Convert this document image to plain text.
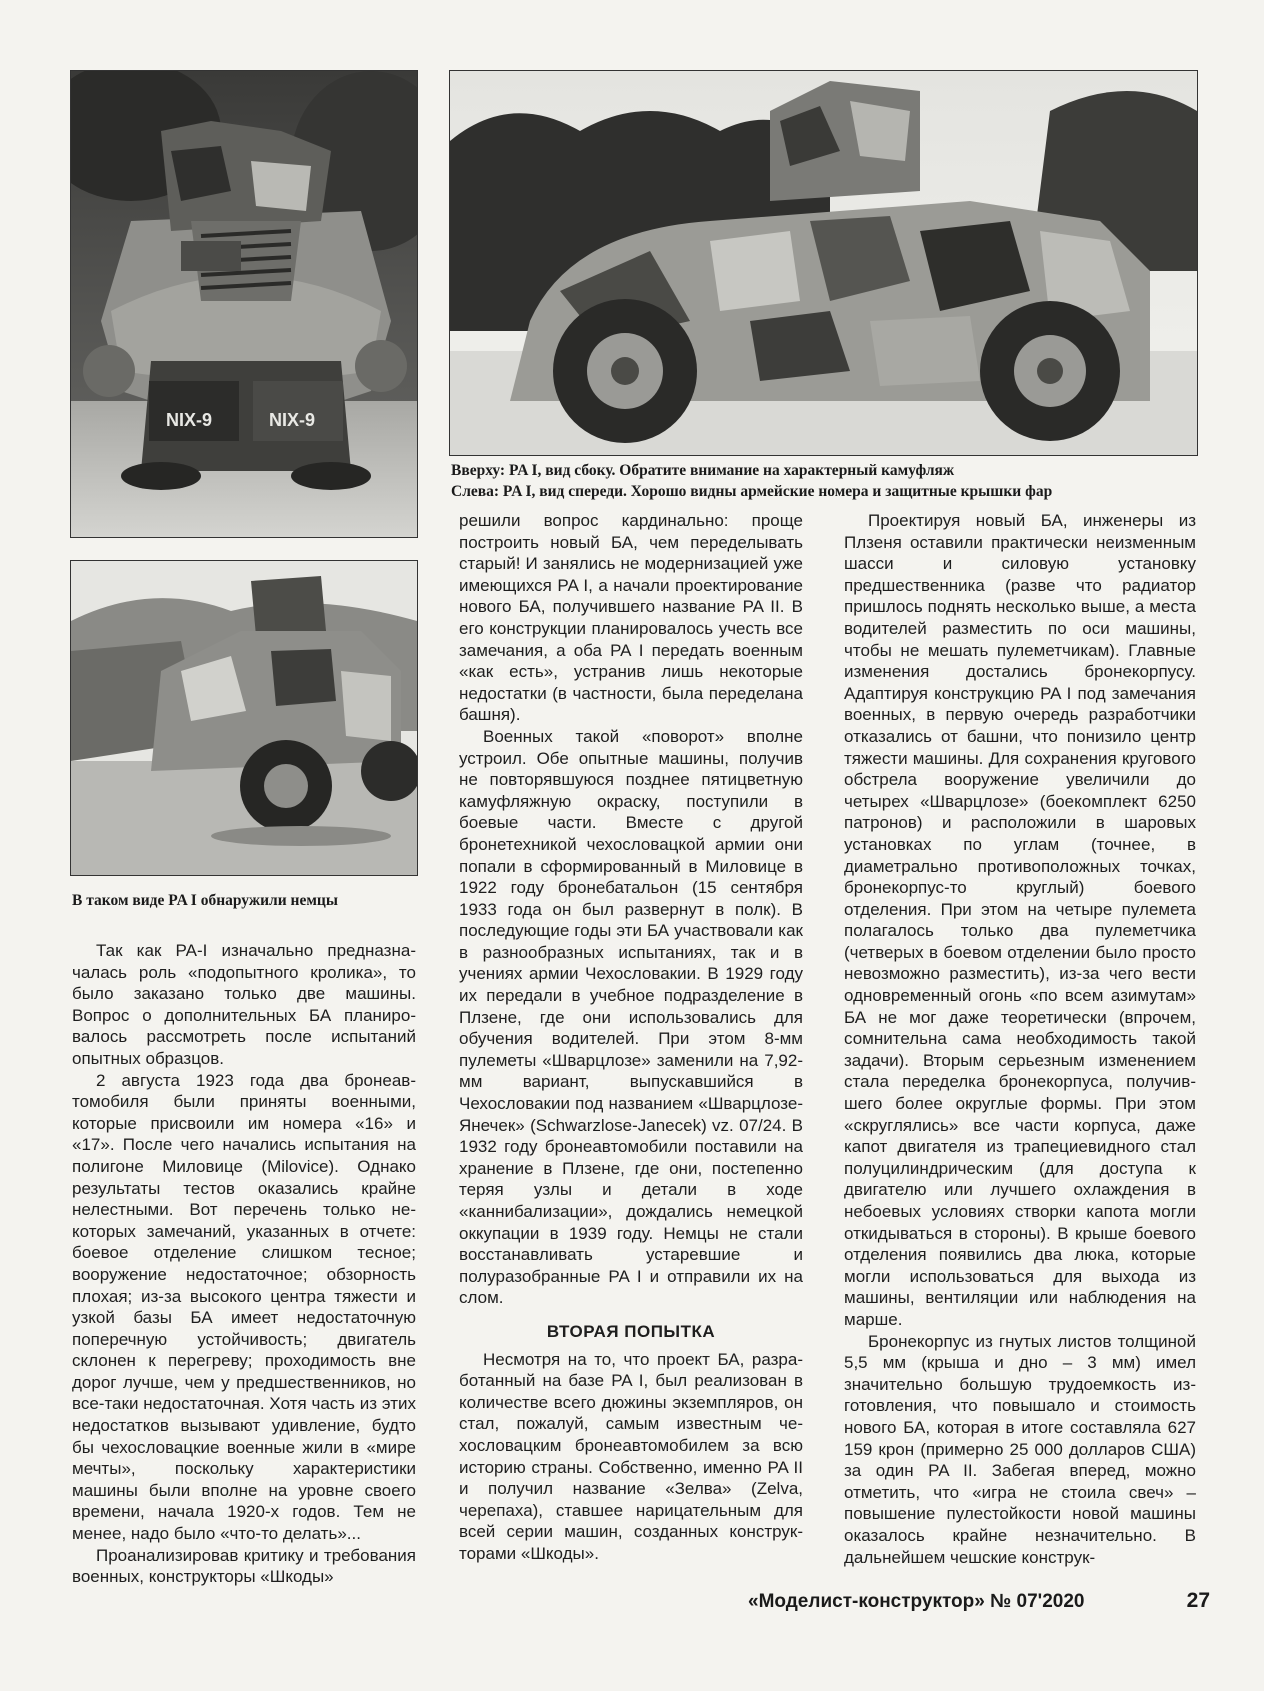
NIX-9	NIX-9
Вверху: PA I, вид сбоку. Обратите внимание на характерный камуфляж
Слева: PA I, вид спереди. Хорошо видны армейские номера и защитные крышки фар
В таком виде PA I обнаружили немцы

Так как PA-I изначально предназначалась роль «подопытного кролика», то было заказано только две машины. Вопрос о дополнительных БА планировалось рассмотреть после испытаний опытных образцов.

2 августа 1923 года два бронеавтомобиля были приняты военными, которые присвоили им номера «16» и «17». После чего начались испытания на полигоне Миловице (Milovice). Однако результаты тестов оказались крайне нелестными. Вот перечень только некоторых замечаний, указанных в отчете: боевое отделение слишком тесное; вооружение недостаточное; обзорность плохая; из-за высокого центра тяжести и узкой базы БА имеет недостаточную поперечную устойчивость; двигатель склонен к перегреву; проходимость вне дорог лучше, чем у предшественников, но все-таки недостаточная. Хотя часть из этих недостатков вызывают удивление, будто бы чехословацкие военные жили в «мире мечты», поскольку характеристики машины были вполне на уровне своего времени, начала 1920-х годов. Тем не менее, надо было «что-то делать»...

Проанализировав критику и требования военных, конструкторы «Шкоды»

решили вопрос кардинально: проще построить новый БА, чем переделывать старый! И занялись не модернизацией уже имеющихся PA I, а начали проектирование нового БА, получившего название PA II. В его конструкции планировалось учесть все замечания, а оба PA I передать военным «как есть», устранив лишь некоторые недостатки (в частности, была переделана башня).

Военных такой «поворот» вполне устроил. Обе опытные машины, получив не повторявшуюся позднее пятицветную камуфляжную окраску, поступили в боевые части. Вместе с другой бронетехникой чехословацкой армии они попали в сформированный в Миловице в 1922 году бронебатальон (15 сентября 1933 года он был развернут в полк). В последующие годы эти БА участвовали как в разнообразных испытаниях, так и в учениях армии Чехословакии. В 1929 году их передали в учебное подразделение в Плзене, где они использовались для обучения водителей. При этом 8-мм пулеметы «Шварцлозе» заменили на 7,92-мм вариант, выпускавшийся в Чехословакии под названием «Шварцлозе-Янечек» (Schwarzlose-Janecek) vz. 07/24. В 1932 году бронеавтомобили поставили на хранение в Плзене, где они, постепенно теряя узлы и детали в ходе «каннибализации», дождались немецкой оккупации в 1939 году. Немцы не стали восстанавливать устаревшие и полуразобранные PA I и отправили их на слом.

ВТОРАЯ ПОПЫТКА

Несмотря на то, что проект БА, разработанный на базе PA I, был реализован в количестве всего дюжины экземпляров, он стал, пожалуй, самым известным чехословацким бронеавтомобилем за всю историю страны. Собственно, именно PA II и получил название «Зелва» (Zelva, черепаха), ставшее нарицательным для всей серии машин, созданных конструкторами «Шкоды».

Проектируя новый БА, инженеры из Плзеня оставили практически неизменным шасси и силовую установку предшественника (разве что радиатор пришлось поднять несколько выше, а места водителей разместить по оси машины, чтобы не мешать пулеметчикам). Главные изменения достались бронекорпусу. Адаптируя конструкцию PA I под замечания военных, в первую очередь разработчики отказались от башни, что понизило центр тяжести машины. Для сохранения кругового обстрела вооружение увеличили до четырех «Шварцлозе» (боекомплект 6250 патронов) и расположили в шаровых установках по углам (точнее, в диаметрально противоположных точках, бронекорпус-то круглый) боевого отделения. При этом на четыре пулемета полагалось только два пулеметчика (четверых в боевом отделении было просто невозможно разместить), из-за чего вести одновременный огонь «по всем азимутам» БА не мог даже теоретически (впрочем, сомнительна сама необходимость такой задачи). Вторым серьезным изменением стала переделка бронекорпуса, получившего более округлые формы. При этом «скруглялись» все части корпуса, даже капот двигателя из трапециевидного стал полуцилиндрическим (для доступа к двигателю или лучшего охлаждения в небоевых условиях створки капота могли откидываться в стороны). В крыше боевого отделения появились два люка, которые могли использоваться для выхода из машины, вентиляции или наблюдения на марше.

Бронекорпус из гнутых листов толщиной 5,5 мм (крыша и дно – 3 мм) имел значительно большую трудоемкость изготовления, что повышало и стоимость нового БА, которая в итоге составляла 627 159 крон (примерно 25 000 долларов США) за один PA II. Забегая вперед, можно отметить, что «игра не стоила свеч» – повышение пулестойкости новой машины оказалось крайне незначительно. В дальнейшем чешские конструк-

«Моделист-конструктор» № 07'2020	27
